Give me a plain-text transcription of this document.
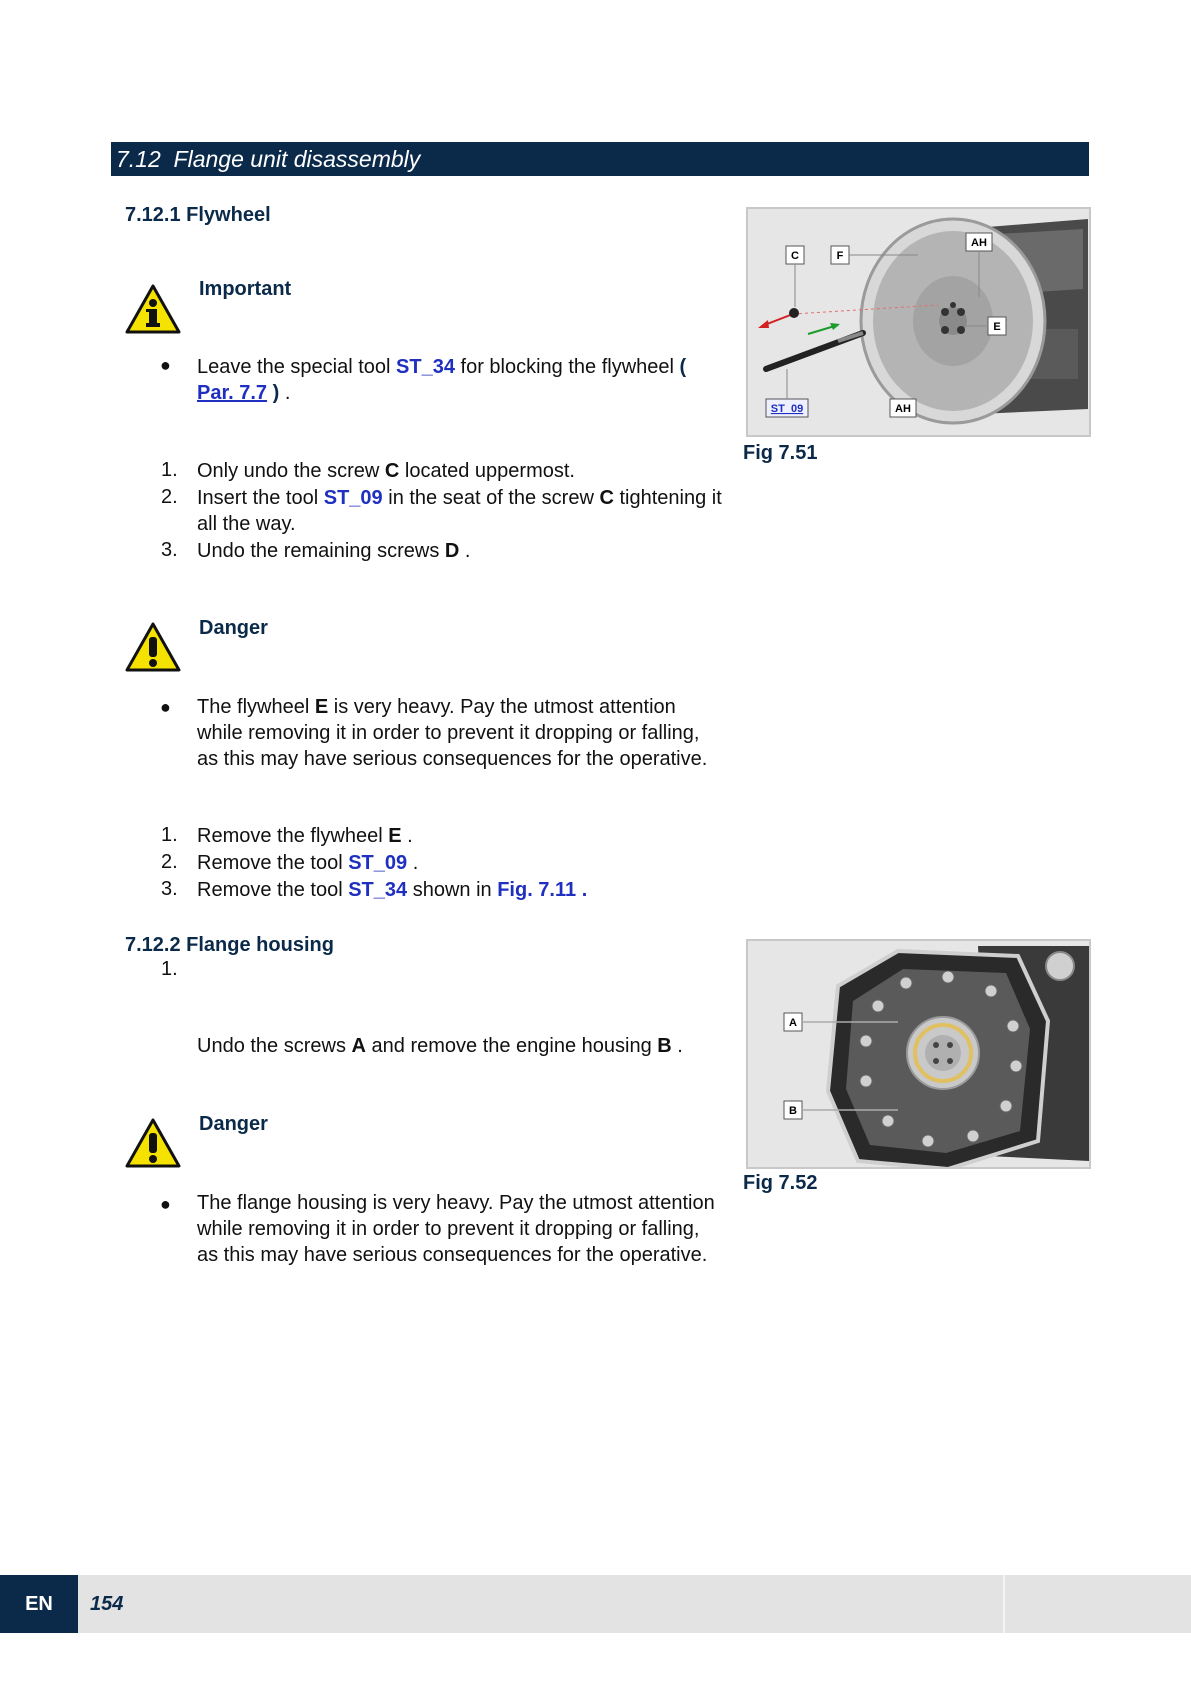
7.12 Flange unit disassembly
7.12.1 Flywheel
Important
● Leave the special tool ST_34 for blocking the flywheel ( Par. 7.7 ) .
1. Only undo the screw C located uppermost.
2. Insert the tool ST_09 in the seat of the screw C tightening it all the way.
3. Undo the remaining screws D .
Danger
● The flywheel E is very heavy. Pay the utmost attention while removing it in order to prevent it dropping or falling, as this may have serious consequences for the operative.
1. Remove the flywheel E .
2. Remove the tool ST_09 .
3. Remove the tool ST_34 shown in Fig. 7.11 .
7.12.2 Flange housing
1.
Undo the screws A and remove the engine housing B .
Danger
● The flange housing is very heavy. Pay the utmost attention while removing it in order to prevent it dropping or falling, as this may have serious consequences for the operative.
C	F
AH
E
AH
ST_09
Fig 7.51
A
B
Fig 7.52
EN	154
